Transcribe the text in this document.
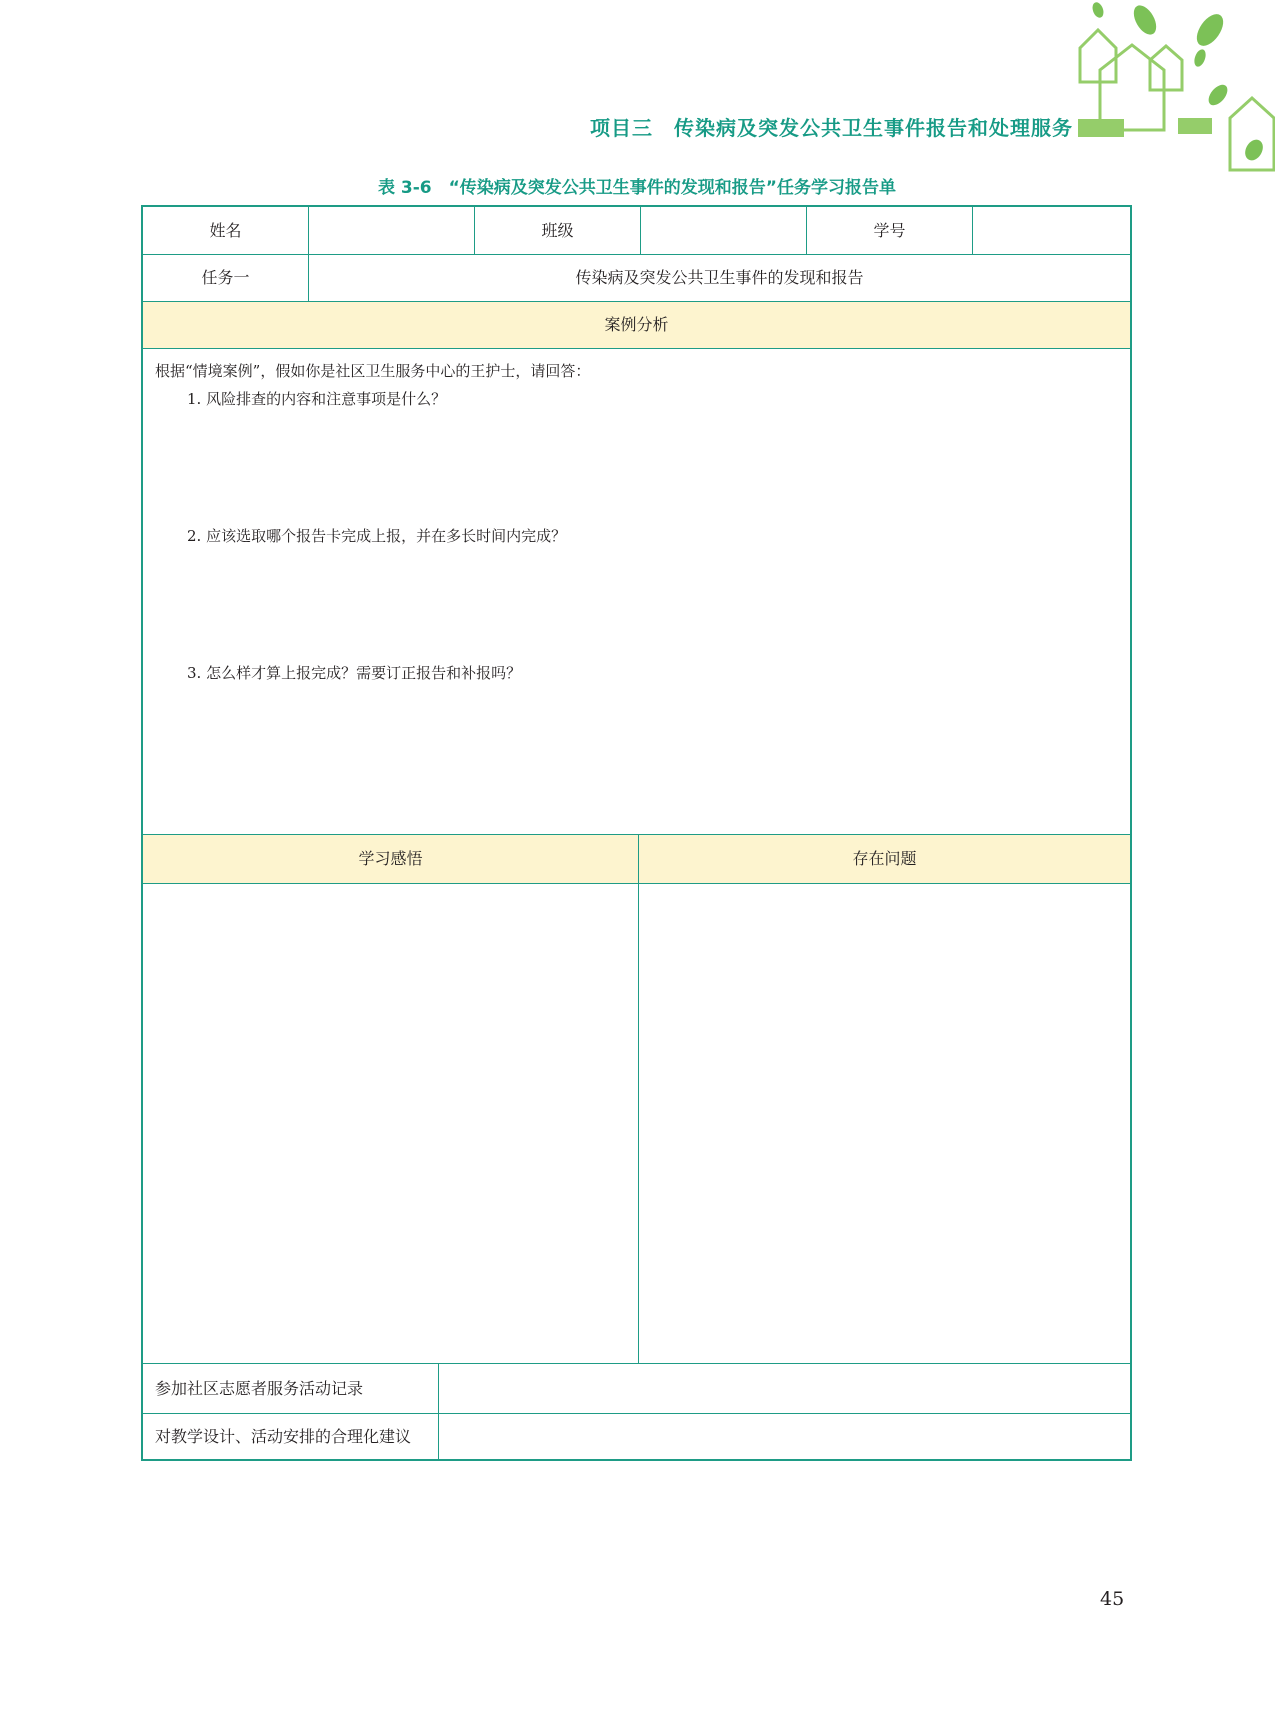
项目三　传染病及突发公共卫生事件报告和处理服务
表 3-6　“传染病及突发公共卫生事件的发现和报告”任务学习报告单
姓名	班级	学号
任务一	传染病及突发公共卫生事件的发现和报告
案例分析
根据“情境案例”，假如你是社区卫生服务中心的王护士，请回答：
1. 风险排查的内容和注意事项是什么？
2. 应该选取哪个报告卡完成上报，并在多长时间内完成？
3. 怎么样才算上报完成？需要订正报告和补报吗？
学习感悟	存在问题
参加社区志愿者服务活动记录
对教学设计、活动安排的合理化建议
45
